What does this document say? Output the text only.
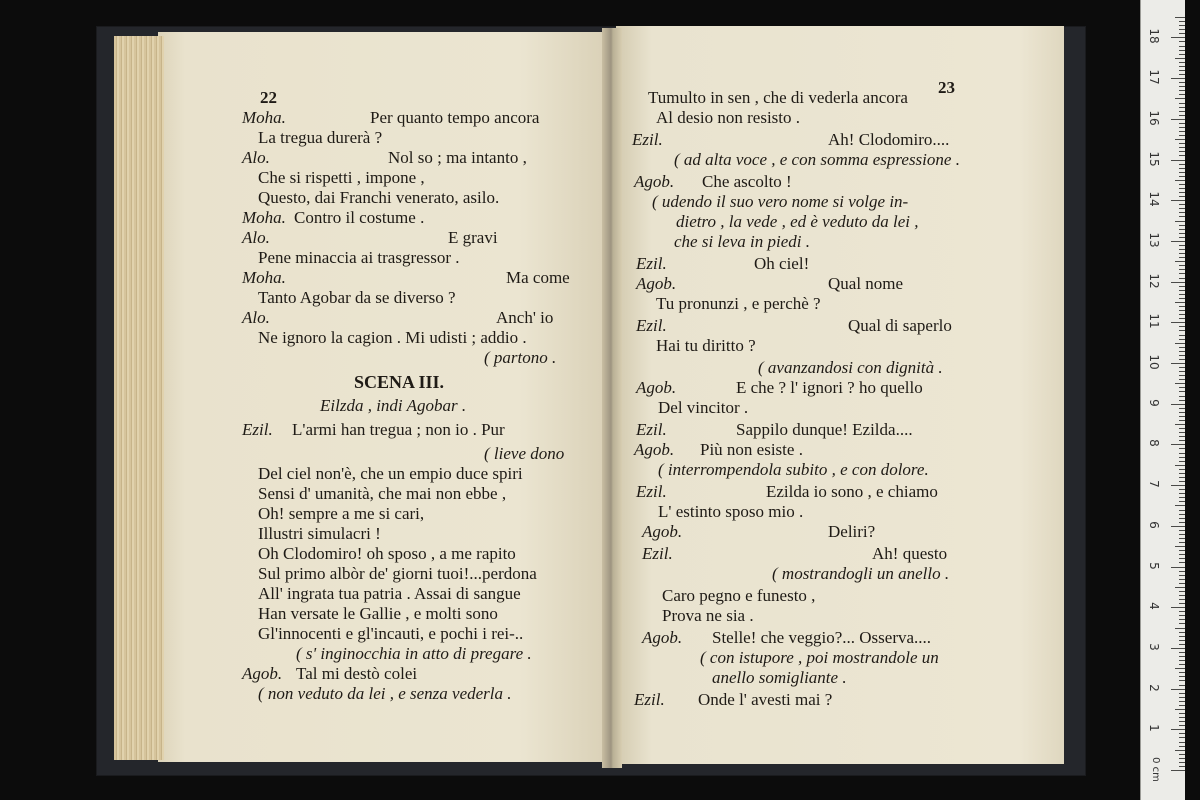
22
Moha.	Per quanto tempo ancora
La tregua durerà ?
Alo.	Nol so ; ma intanto ,
Che si rispetti , impone ,
Questo, dai Franchi venerato, asilo.
Moha. Contro il costume .
Alo.	E gravi
Pene minaccia ai trasgressor .
Moha.	Ma come
Tanto Agobar da se diverso ?
Alo.	Anch' io
Ne ignoro la cagion . Mi udisti ; addio .
( partono .
SCENA III.
Eilzda , indi Agobar .
Ezil. L'armi han tregua ; non io . Pur
( lieve dono
Del ciel non'è, che un empio duce spiri
Sensi d' umanità, che mai non ebbe ,
Oh! sempre a me si cari,
Illustri simulacri !
Oh Clodomiro! oh sposo , a me rapito
Sul primo albòr de' giorni tuoi!...perdona
All' ingrata tua patria . Assai di sangue
Han versate le Gallie , e molti sono
Gl'innocenti e gl'incauti, e pochi i rei-..
( s' inginocchia in atto di pregare .
Agob. Tal mi destò colei
( non veduto da lei , e senza vederla .
23
Tumulto in sen , che di vederla ancora
Al desio non resisto .
Ezil.	Ah! Clodomiro....
( ad alta voce , e con somma espressione .
Agob. Che ascolto !
( udendo il suo vero nome si volge in-
dietro , la vede , ed è veduto da lei ,
che si leva in piedi .
Ezil.	Oh ciel!
Agob.	Qual nome
Tu pronunzi , e perchè ?
Ezil.	Qual di saperlo
Hai tu diritto ?
( avanzandosi con dignità .
Agob.	E che ? l' ignori ? ho quello
Del vincitor .
Ezil.	Sappilo dunque! Ezilda....
Agob. Più non esiste .
( interrompendola subito , e con dolore.
Ezil.	Ezilda io sono , e chiamo
L' estinto sposo mio .
Agob.	Deliri?
Ezil.	Ah! questo
( mostrandogli un anello .
Caro pegno e funesto ,
Prova ne sia .
Agob. Stelle! che veggio?... Osserva....
( con istupore , poi mostrandole un
anello somigliante .
Ezil. Onde l' avesti mai ?
1
2
3
4
5
6
7
8
9
10
11
12
13
14
15
16
17
18
0 cm
